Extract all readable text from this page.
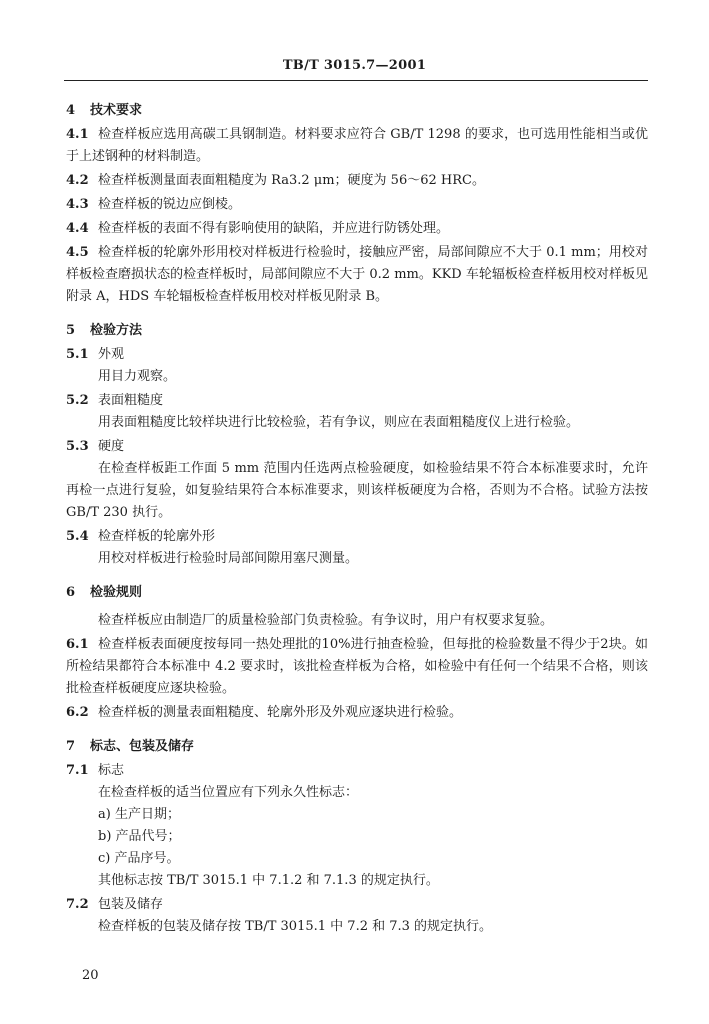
TB/T 3015.7—2001
4 技术要求
4.1 检查样板应选用高碳工具钢制造。材料要求应符合 GB/T 1298 的要求，也可选用性能相当或优于上述钢种的材料制造。
4.2 检查样板测量面表面粗糙度为 Ra3.2 μm；硬度为 56～62 HRC。
4.3 检查样板的锐边应倒棱。
4.4 检查样板的表面不得有影响使用的缺陷，并应进行防锈处理。
4.5 检查样板的轮廓外形用校对样板进行检验时，接触应严密，局部间隙应不大于 0.1 mm；用校对样板检查磨损状态的检查样板时，局部间隙应不大于 0.2 mm。KKD 车轮辐板检查样板用校对样板见附录 A，HDS 车轮辐板检查样板用校对样板见附录 B。
5 检验方法
5.1 外观
用目力观察。
5.2 表面粗糙度
用表面粗糙度比较样块进行比较检验，若有争议，则应在表面粗糙度仪上进行检验。
5.3 硬度
在检查样板距工作面 5 mm 范围内任选两点检验硬度，如检验结果不符合本标准要求时，允许再检一点进行复验，如复验结果符合本标准要求，则该样板硬度为合格，否则为不合格。试验方法按 GB/T 230 执行。
5.4 检查样板的轮廓外形
用校对样板进行检验时局部间隙用塞尺测量。
6 检验规则
检查样板应由制造厂的质量检验部门负责检验。有争议时，用户有权要求复验。
6.1 检查样板表面硬度按每同一热处理批的10%进行抽查检验，但每批的检验数量不得少于2块。如所检结果都符合本标准中 4.2 要求时，该批检查样板为合格，如检验中有任何一个结果不合格，则该批检查样板硬度应逐块检验。
6.2 检查样板的测量表面粗糙度、轮廓外形及外观应逐块进行检验。
7 标志、包装及储存
7.1 标志
在检查样板的适当位置应有下列永久性标志：
a) 生产日期；
b) 产品代号；
c) 产品序号。
其他标志按 TB/T 3015.1 中 7.1.2 和 7.1.3 的规定执行。
7.2 包装及储存
检查样板的包装及储存按 TB/T 3015.1 中 7.2 和 7.3 的规定执行。
20
